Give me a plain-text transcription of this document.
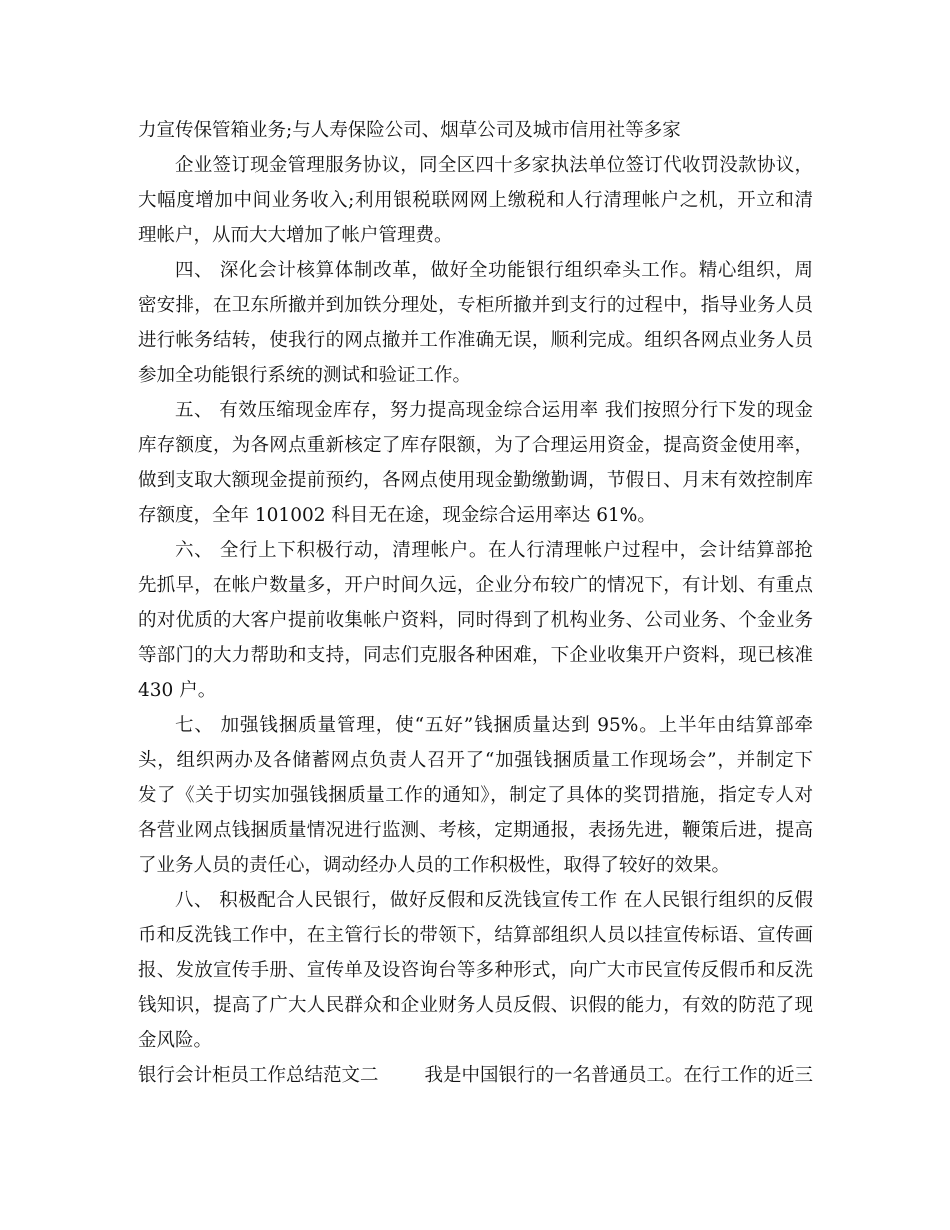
力宣传保管箱业务;与人寿保险公司、烟草公司及城市信用社等多家
企业签订现金管理服务协议，同全区四十多家执法单位签订代收罚没款协议，
大幅度增加中间业务收入;利用银税联网网上缴税和人行清理帐户之机，开立和清
理帐户，从而大大增加了帐户管理费。
四、 深化会计核算体制改革，做好全功能银行组织牵头工作。精心组织，周
密安排，在卫东所撤并到加铁分理处，专柜所撤并到支行的过程中，指导业务人员
进行帐务结转，使我行的网点撤并工作准确无误，顺利完成。组织各网点业务人员
参加全功能银行系统的测试和验证工作。
五、 有效压缩现金库存，努力提高现金综合运用率 我们按照分行下发的现金
库存额度，为各网点重新核定了库存限额，为了合理运用资金，提高资金使用率，
做到支取大额现金提前预约，各网点使用现金勤缴勤调，节假日、月末有效控制库
存额度，全年 101002 科目无在途，现金综合运用率达 61%。
六、 全行上下积极行动，清理帐户。在人行清理帐户过程中，会计结算部抢
先抓早，在帐户数量多，开户时间久远，企业分布较广的情况下，有计划、有重点
的对优质的大客户提前收集帐户资料，同时得到了机构业务、公司业务、个金业务
等部门的大力帮助和支持，同志们克服各种困难，下企业收集开户资料，现已核准
430 户。
七、 加强钱捆质量管理，使“五好”钱捆质量达到 95%。上半年由结算部牵
头，组织两办及各储蓄网点负责人召开了“加强钱捆质量工作现场会”，并制定下
发了《关于切实加强钱捆质量工作的通知》，制定了具体的奖罚措施，指定专人对
各营业网点钱捆质量情况进行监测、考核，定期通报，表扬先进，鞭策后进，提高
了业务人员的责任心，调动经办人员的工作积极性，取得了较好的效果。
八、 积极配合人民银行，做好反假和反洗钱宣传工作 在人民银行组织的反假
币和反洗钱工作中，在主管行长的带领下，结算部组织人员以挂宣传标语、宣传画
报、发放宣传手册、宣传单及设咨询台等多种形式，向广大市民宣传反假币和反洗
钱知识，提高了广大人民群众和企业财务人员反假、识假的能力，有效的防范了现
金风险。
银行会计柜员工作总结范文二 我是中国银行的一名普通员工。在行工作的近三
